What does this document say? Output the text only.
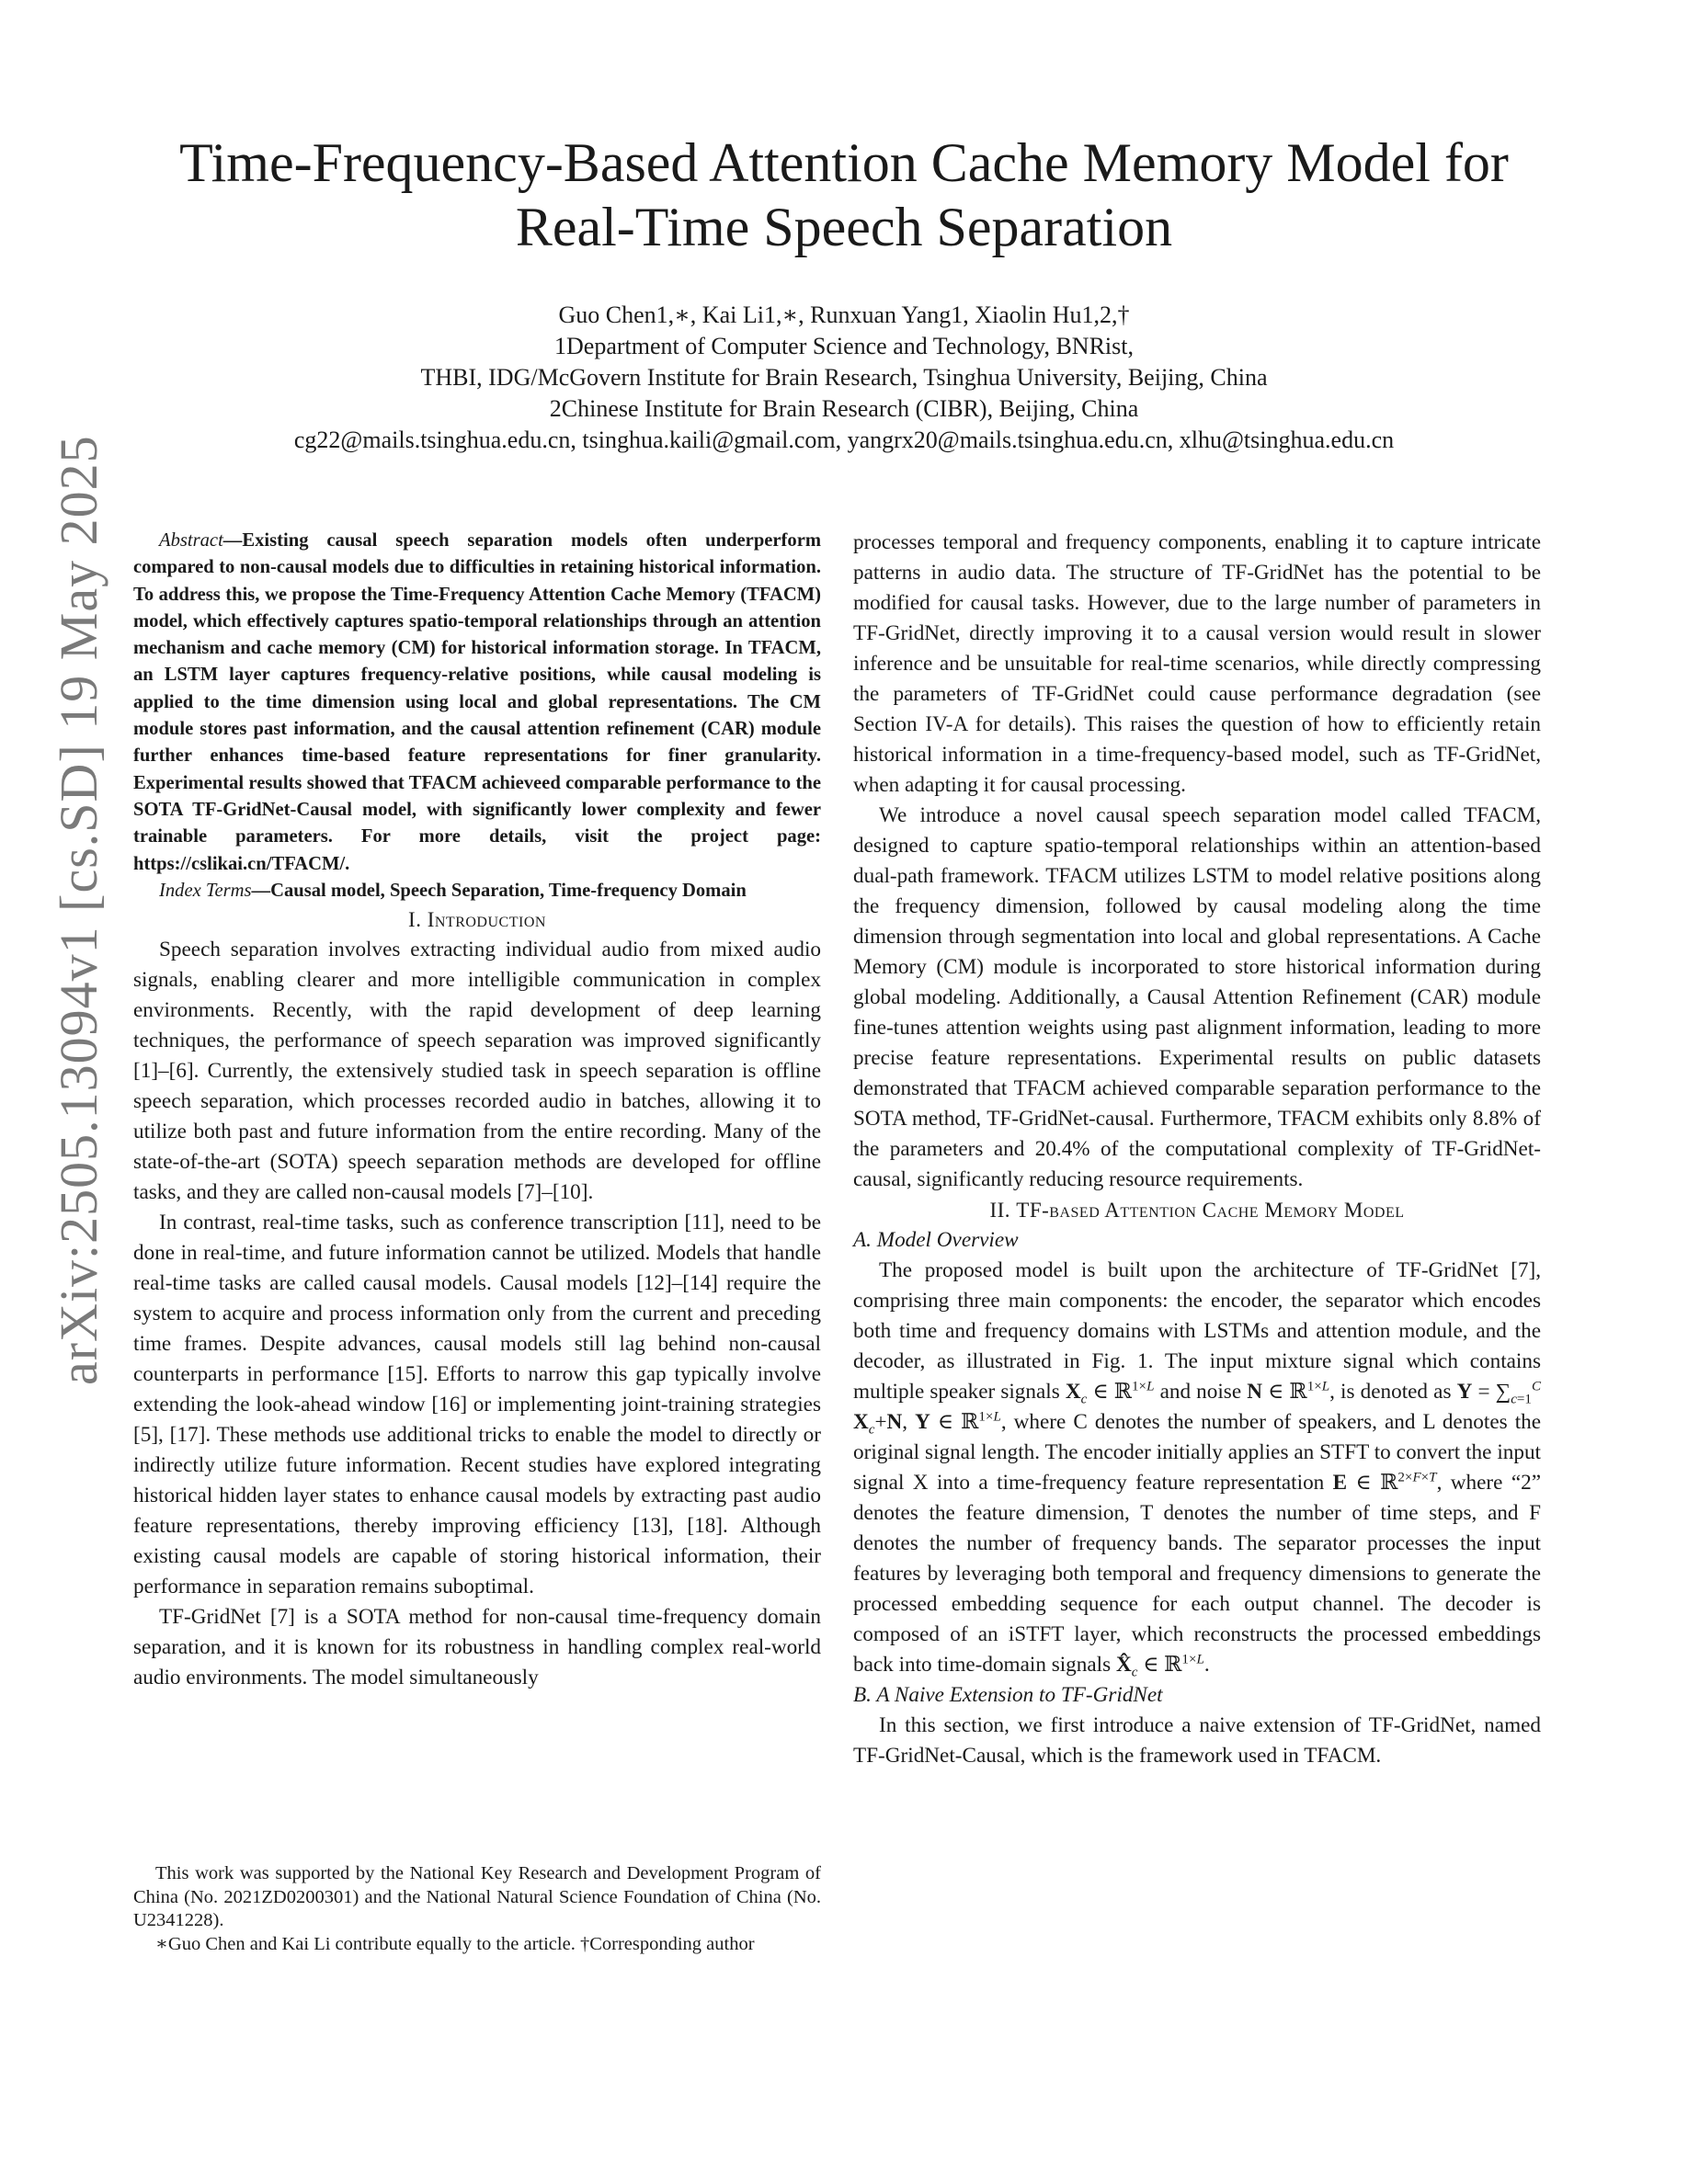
arXiv:2505.13094v1 [cs.SD] 19 May 2025
Time-Frequency-Based Attention Cache Memory Model for
Real-Time Speech Separation
Guo Chen1,∗, Kai Li1,∗, Runxuan Yang1, Xiaolin Hu1,2,†
1Department of Computer Science and Technology, BNRist,
THBI, IDG/McGovern Institute for Brain Research, Tsinghua University, Beijing, China
2Chinese Institute for Brain Research (CIBR), Beijing, China
cg22@mails.tsinghua.edu.cn, tsinghua.kaili@gmail.com, yangrx20@mails.tsinghua.edu.cn, xlhu@tsinghua.edu.cn

Abstract—Existing causal speech separation models often underperform compared to non-causal models due to difficulties in retaining historical information. To address this, we propose the Time-Frequency Attention Cache Memory (TFACM) model, which effectively captures spatio-temporal relationships through an attention mechanism and cache memory (CM) for historical information storage. In TFACM, an LSTM layer captures frequency-relative positions, while causal modeling is applied to the time dimension using local and global representations. The CM module stores past information, and the causal attention refinement (CAR) module further enhances time-based feature representations for finer granularity. Experimental results showed that TFACM achieveed comparable performance to the SOTA TF-GridNet-Causal model, with significantly lower complexity and fewer trainable parameters. For more details, visit the project page: https://cslikai.cn/TFACM/.

Index Terms—Causal model, Speech Separation, Time-frequency Domain

I. Introduction

Speech separation involves extracting individual audio from mixed audio signals, enabling clearer and more intelligible communication in complex environments. Recently, with the rapid development of deep learning techniques, the performance of speech separation was improved significantly [1]–[6]. Currently, the extensively studied task in speech separation is offline speech separation, which processes recorded audio in batches, allowing it to utilize both past and future information from the entire recording. Many of the state-of-the-art (SOTA) speech separation methods are developed for offline tasks, and they are called non-causal models [7]–[10].

In contrast, real-time tasks, such as conference transcription [11], need to be done in real-time, and future information cannot be utilized. Models that handle real-time tasks are called causal models. Causal models [12]–[14] require the system to acquire and process information only from the current and preceding time frames. Despite advances, causal models still lag behind non-causal counterparts in performance [15]. Efforts to narrow this gap typically involve extending the look-ahead window [16] or implementing joint-training strategies [5], [17]. These methods use additional tricks to enable the model to directly or indirectly utilize future information. Recent studies have explored integrating historical hidden layer states to enhance causal models by extracting past audio feature representations, thereby improving efficiency [13], [18]. Although existing causal models are capable of storing historical information, their performance in separation remains suboptimal.

TF-GridNet [7] is a SOTA method for non-causal time-frequency domain separation, and it is known for its robustness in handling complex real-world audio environments. The model simultaneously

This work was supported by the National Key Research and Development Program of China (No. 2021ZD0200301) and the National Natural Science Foundation of China (No. U2341228).

∗Guo Chen and Kai Li contribute equally to the article. †Corresponding author

processes temporal and frequency components, enabling it to capture intricate patterns in audio data. The structure of TF-GridNet has the potential to be modified for causal tasks. However, due to the large number of parameters in TF-GridNet, directly improving it to a causal version would result in slower inference and be unsuitable for real-time scenarios, while directly compressing the parameters of TF-GridNet could cause performance degradation (see Section IV-A for details). This raises the question of how to efficiently retain historical information in a time-frequency-based model, such as TF-GridNet, when adapting it for causal processing.

We introduce a novel causal speech separation model called TFACM, designed to capture spatio-temporal relationships within an attention-based dual-path framework. TFACM utilizes LSTM to model relative positions along the frequency dimension, followed by causal modeling along the time dimension through segmentation into local and global representations. A Cache Memory (CM) module is incorporated to store historical information during global modeling. Additionally, a Causal Attention Refinement (CAR) module fine-tunes attention weights using past alignment information, leading to more precise feature representations. Experimental results on public datasets demonstrated that TFACM achieved comparable separation performance to the SOTA method, TF-GridNet-causal. Furthermore, TFACM exhibits only 8.8% of the parameters and 20.4% of the computational complexity of TF-GridNet-causal, significantly reducing resource requirements.

II. TF-based Attention Cache Memory Model

A. Model Overview

The proposed model is built upon the architecture of TF-GridNet [7], comprising three main components: the encoder, the separator which encodes both time and frequency domains with LSTMs and attention module, and the decoder, as illustrated in Fig. 1. The input mixture signal which contains multiple speaker signals $X_c$ ∈ ℝ$^{1\times L}$ and noise N ∈ ℝ$^{1\times L}$, is denoted as $Y = \sum_{c=1}^C$ $X_c+N$, Y ∈ ℝ$^{1\times L}$, where C denotes the number of speakers, and L denotes the original signal length. The encoder initially applies an STFT to convert the input signal X into a time-frequency feature representation E ∈ ℝ$^{2\times F\times T}$, where “2” denotes the feature dimension, T denotes the number of time steps, and F denotes the number of frequency bands. The separator processes the input features by leveraging both temporal and frequency dimensions to generate the processed embedding sequence for each output channel. The decoder is composed of an iSTFT layer, which reconstructs the processed embeddings back into time-domain signals $X̂_c$ ∈ ℝ$^{1\times L}$.

B. A Naive Extension to TF-GridNet

In this section, we first introduce a naive extension of TF-GridNet, named TF-GridNet-Causal, which is the framework used in TFACM.
